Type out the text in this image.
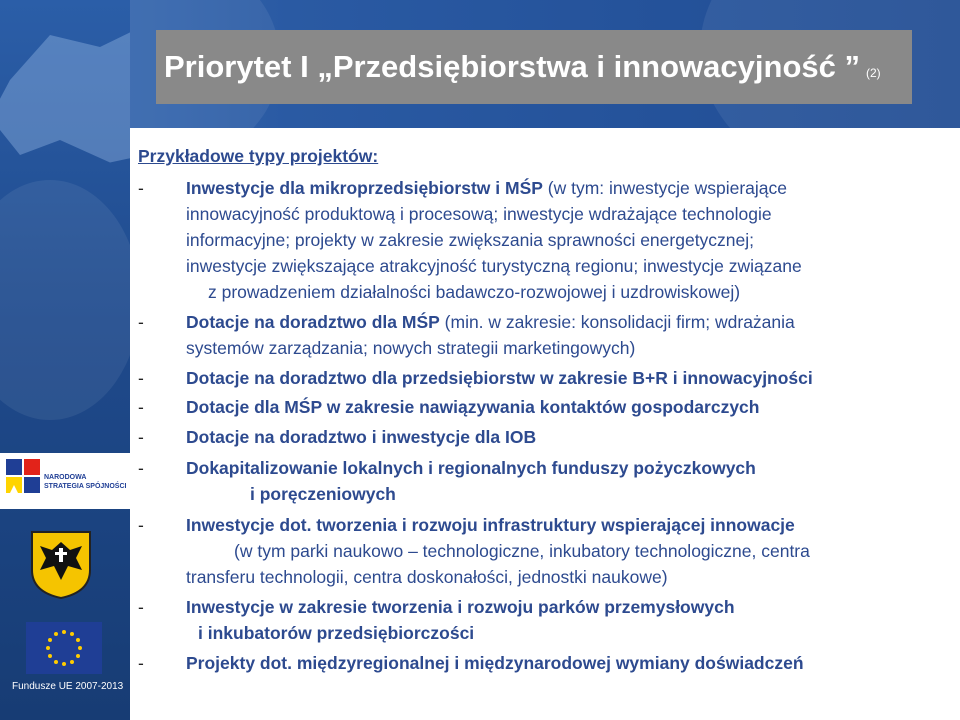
Priorytet I „Przedsiębiorstwa i innowacyjność ” (2)
Przykładowe typy projektów:
- Inwestycje dla mikroprzedsiębiorstw i MŚP (w tym: inwestycje wspierające
innowacyjność produktową i procesową; inwestycje wdrażające technologie
informacyjne; projekty w zakresie zwiększania sprawności energetycznej;
inwestycje zwiększające atrakcyjność turystyczną regionu; inwestycje związane
z prowadzeniem działalności badawczo-rozwojowej i uzdrowiskowej)
- Dotacje na doradztwo dla MŚP (min. w zakresie: konsolidacji firm; wdrażania
systemów zarządzania; nowych strategii marketingowych)
- Dotacje na doradztwo dla przedsiębiorstw w zakresie B+R i innowacyjności
- Dotacje dla MŚP w zakresie nawiązywania kontaktów gospodarczych
- Dotacje na doradztwo i inwestycje dla IOB
- Dokapitalizowanie lokalnych i regionalnych funduszy pożyczkowych
i poręczeniowych
- Inwestycje dot. tworzenia i rozwoju infrastruktury wspierającej innowacje
(w tym parki naukowo – technologiczne, inkubatory technologiczne, centra
transferu technologii, centra doskonałości, jednostki naukowe)
- Inwestycje w zakresie tworzenia i rozwoju parków przemysłowych
i inkubatorów przedsiębiorczości
- Projekty dot. międzyregionalnej i międzynarodowej wymiany doświadczeń
NARODOWA
STRATEGIA SPÓJNOŚCI
Fundusze UE 2007-2013
